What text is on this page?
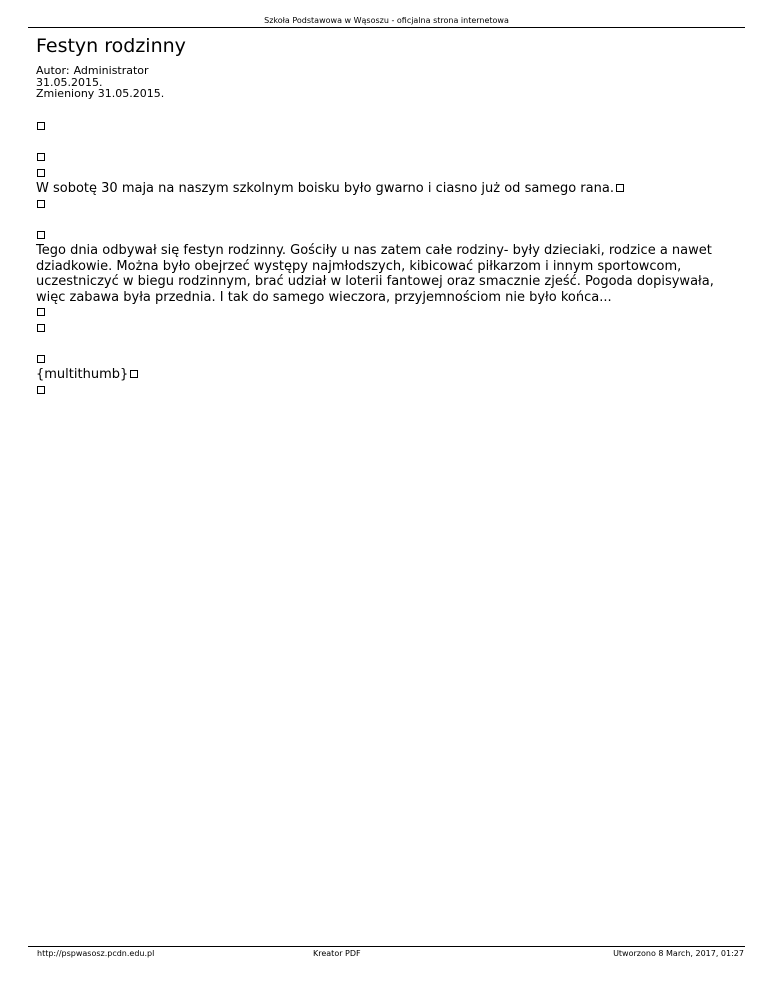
Szkoła Podstawowa w Wąsoszu - oficjalna strona internetowa
Festyn rodzinny
Autor: Administrator
31.05.2015.
Zmieniony 31.05.2015.
W sobotę 30 maja na naszym szkolnym boisku było gwarno i ciasno już od samego rana.
Tego dnia odbywał się festyn rodzinny. Gościły u nas zatem całe rodziny- były dzieciaki, rodzice a nawet dziadkowie. Można było obejrzeć występy najmłodszych, kibicować piłkarzom i innym sportowcom, uczestniczyć w biegu rodzinnym, brać udział w loterii fantowej oraz smacznie zjeść. Pogoda dopisywała, więc zabawa była przednia. I tak do samego wieczora, przyjemnościom nie było końca...
{multithumb}
http://pspwasosz.pcdn.edu.pl	Kreator PDF	Utworzono 8 March, 2017, 01:27
